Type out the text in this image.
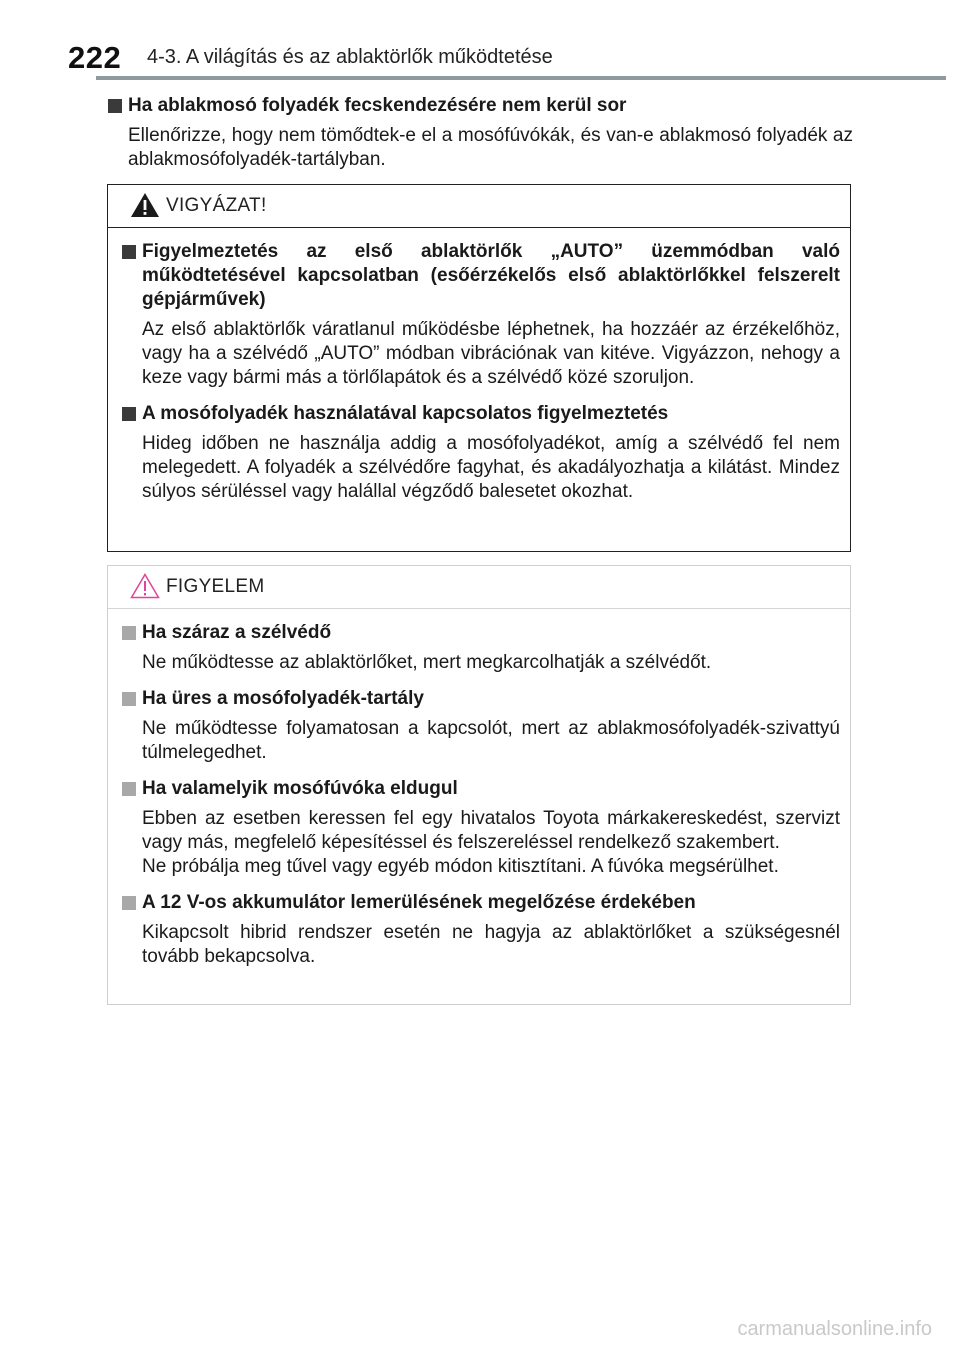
222 4-3. A világítás és az ablaktörlők működtetése
Ha ablakmosó folyadék fecskendezésére nem kerül sor
Ellenőrizze, hogy nem tömődtek-e el a mosófúvókák, és van-e ablakmosó folyadék az ablakmosófolyadék-tartályban.
VIGYÁZAT!
Figyelmeztetés az első ablaktörlők „AUTO” üzemmódban való működtetésével kapcsolatban (esőérzékelős első ablaktörlőkkel felszerelt gépjárművek)
Az első ablaktörlők váratlanul működésbe léphetnek, ha hozzáér az érzékelőhöz, vagy ha a szélvédő „AUTO” módban vibrációnak van kitéve. Vigyázzon, nehogy a keze vagy bármi más a törlőlapátok és a szélvédő közé szoruljon.
A mosófolyadék használatával kapcsolatos figyelmeztetés
Hideg időben ne használja addig a mosófolyadékot, amíg a szélvédő fel nem melegedett. A folyadék a szélvédőre fagyhat, és akadályozhatja a kilátást. Mindez súlyos sérüléssel vagy halállal végződő balesetet okozhat.
FIGYELEM
Ha száraz a szélvédő
Ne működtesse az ablaktörlőket, mert megkarcolhatják a szélvédőt.
Ha üres a mosófolyadék-tartály
Ne működtesse folyamatosan a kapcsolót, mert az ablakmosófolyadék-szivattyú túlmelegedhet.
Ha valamelyik mosófúvóka eldugul
Ebben az esetben keressen fel egy hivatalos Toyota márkakereskedést, szervizt vagy más, megfelelő képesítéssel és felszereléssel rendelkező szakembert.
Ne próbálja meg tűvel vagy egyéb módon kitisztítani. A fúvóka megsérülhet.
A 12 V-os akkumulátor lemerülésének megelőzése érdekében
Kikapcsolt hibrid rendszer esetén ne hagyja az ablaktörlőket a szükségesnél tovább bekapcsolva.
carmanualsonline.info
